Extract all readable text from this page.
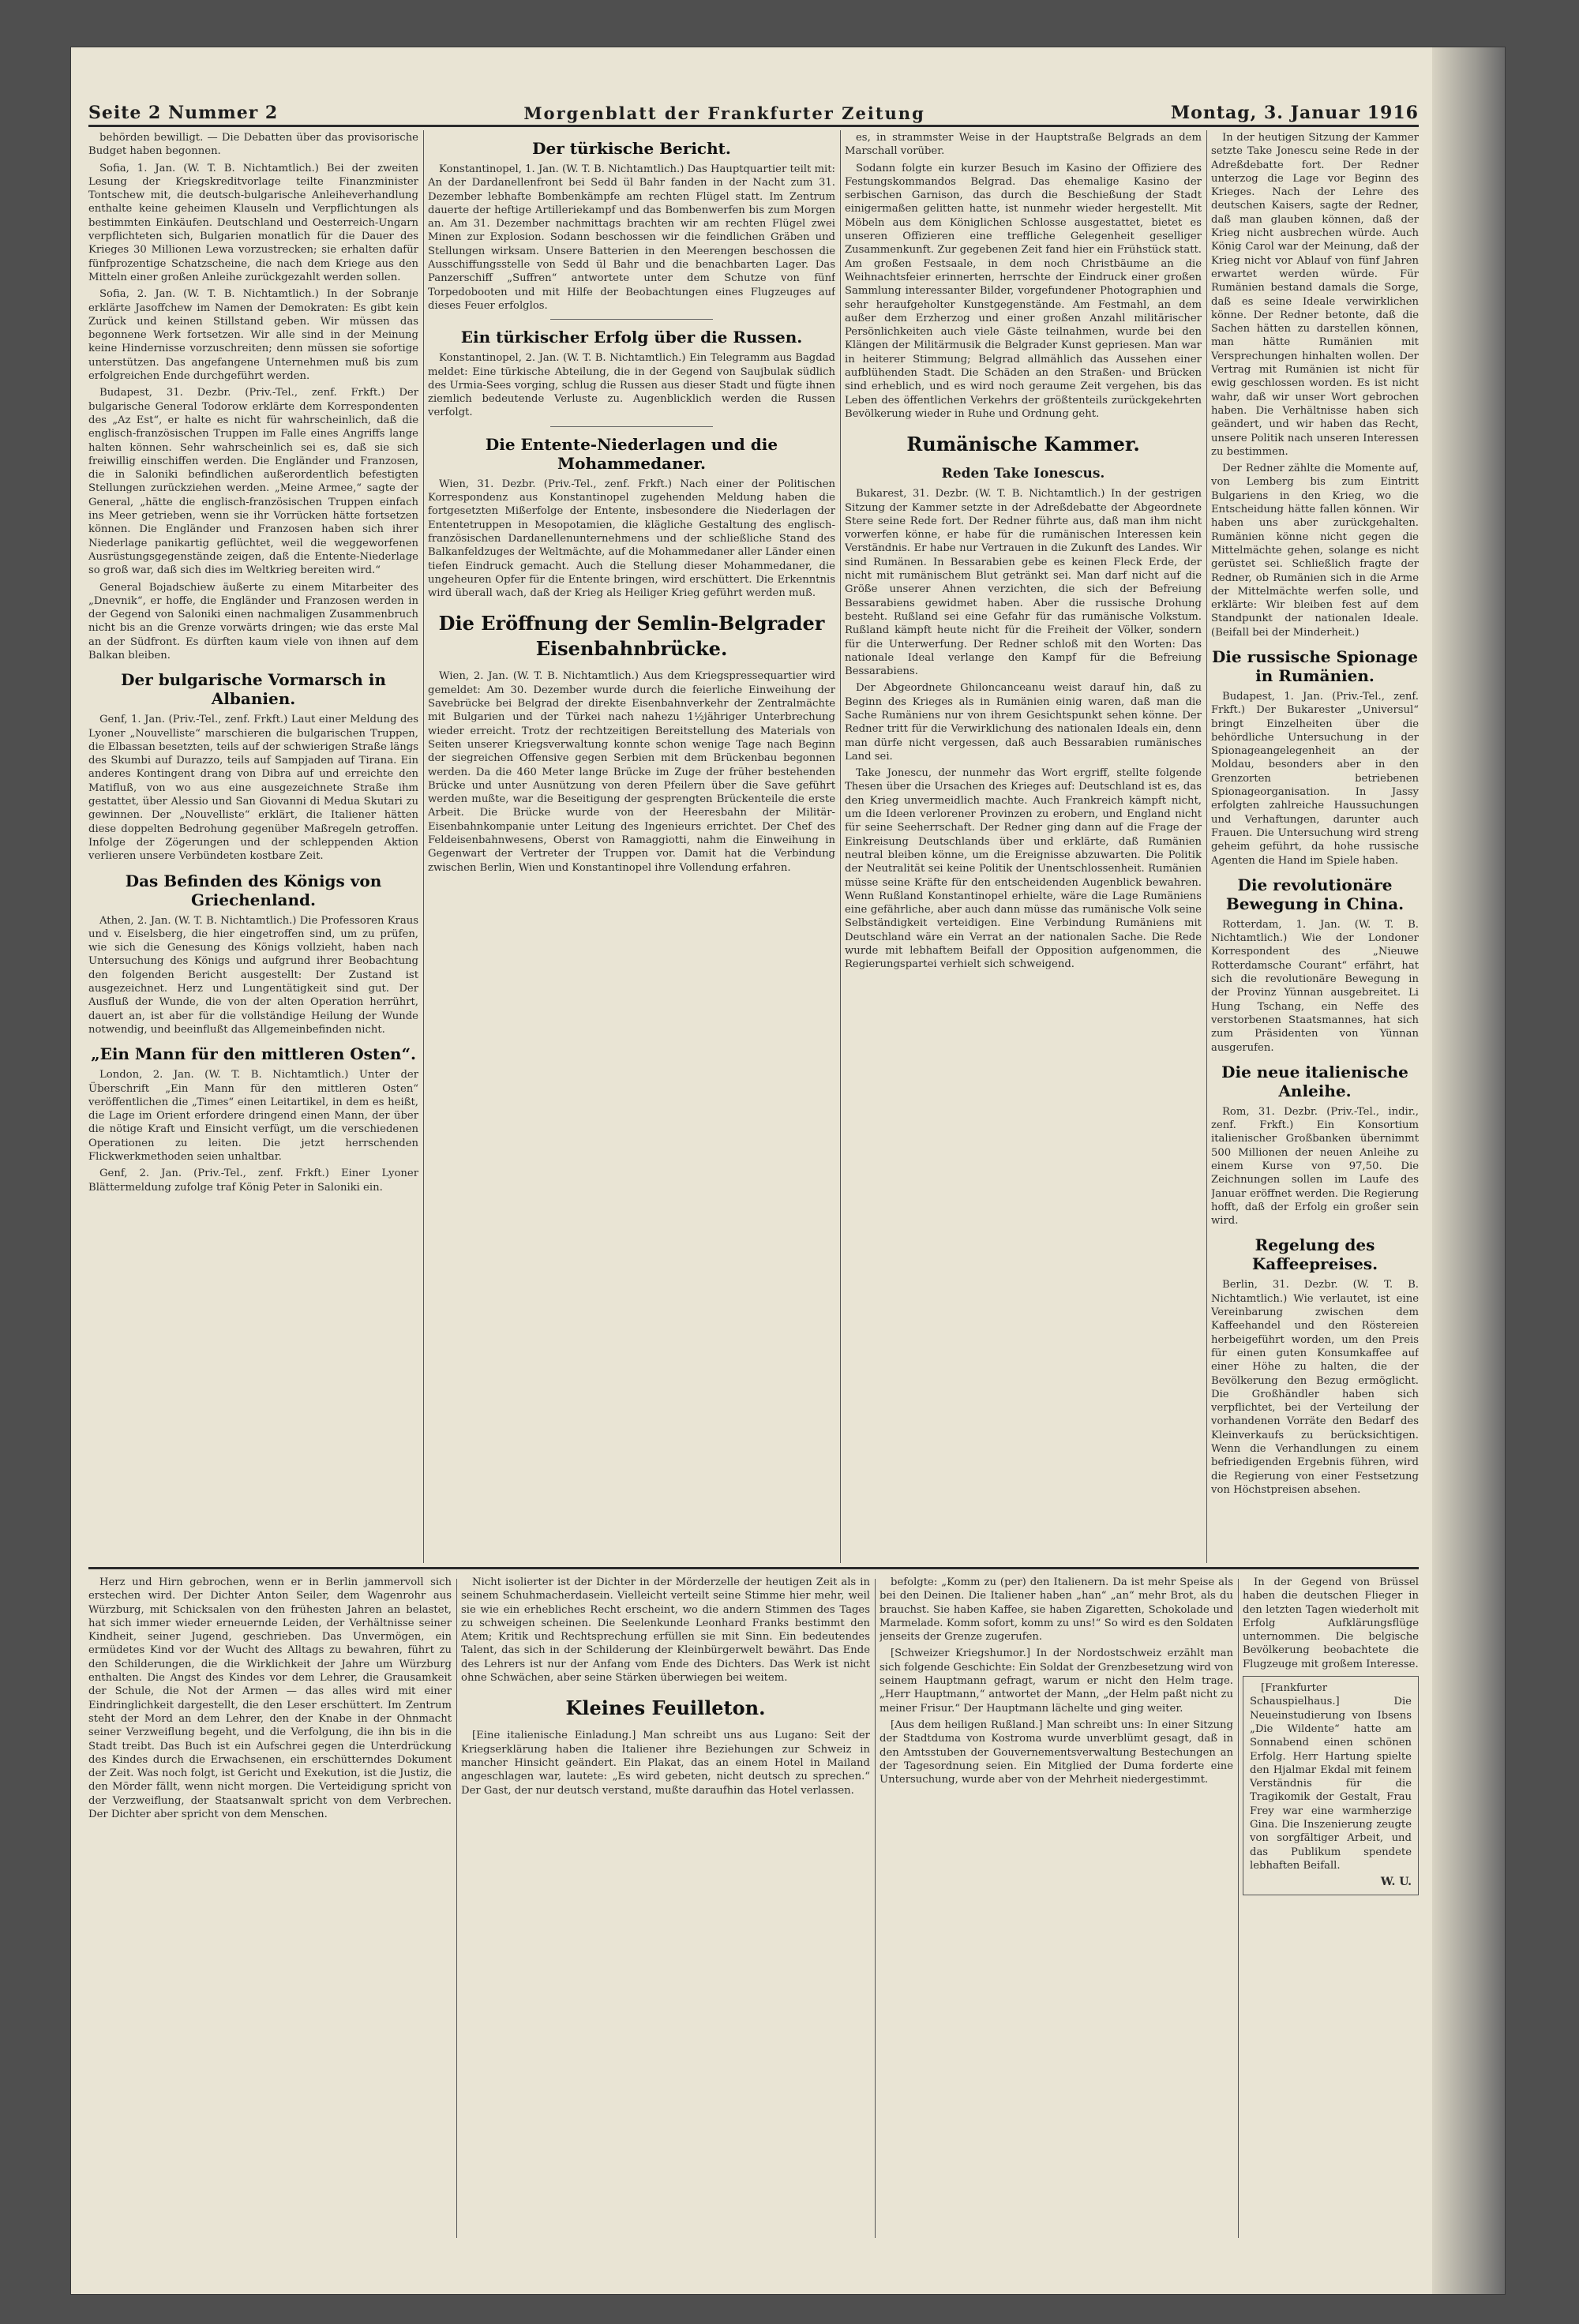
Seite 2 Nummer 2	Morgenblatt der Frankfurter Zeitung	Montag, 3. Januar 1916

behörden bewilligt. — Die Debatten über das provisorische Budget haben begonnen.

Sofia, 1. Jan. (W. T. B. Nichtamtlich.) Bei der zweiten Lesung der Kriegskreditvorlage teilte Finanzminister Tontschew mit, die deutsch-bulgarische Anleiheverhandlung enthalte keine geheimen Klauseln und Verpflichtungen als bestimmten Einkäufen. Deutschland und Oesterreich-Ungarn verpflichteten sich, Bulgarien monatlich für die Dauer des Krieges 30 Millionen Lewa vorzustrecken; sie erhalten dafür fünfprozentige Schatzscheine, die nach dem Kriege aus den Mitteln einer großen Anleihe zurückgezahlt werden sollen.

Sofia, 2. Jan. (W. T. B. Nichtamtlich.) In der Sobranje erklärte Jasoffchew im Namen der Demokraten: Es gibt kein Zurück und keinen Stillstand geben. Wir müssen das begonnene Werk fortsetzen. Wir alle sind in der Meinung keine Hindernisse vorzuschreiten; denn müssen sie sofortige unterstützen. Das angefangene Unternehmen muß bis zum erfolgreichen Ende durchgeführt werden.

Budapest, 31. Dezbr. (Priv.-Tel., zenf. Frkft.) Der bulgarische General Todorow erklärte dem Korrespondenten des „Az Est“, er halte es nicht für wahrscheinlich, daß die englisch-französischen Truppen im Falle eines Angriffs lange halten können. Sehr wahrscheinlich sei es, daß sie sich freiwillig einschiffen werden. Die Engländer und Franzosen, die in Saloniki befindlichen außerordentlich befestigten Stellungen zurückziehen werden. „Meine Armee,“ sagte der General, „hätte die englisch-französischen Truppen einfach ins Meer getrieben, wenn sie ihr Vorrücken hätte fortsetzen können. Die Engländer und Franzosen haben sich ihrer Niederlage panikartig geflüchtet, weil die weggeworfenen Ausrüstungsgegenstände zeigen, daß die Entente-Niederlage so groß war, daß sich dies im Weltkrieg bereiten wird.“

General Bojadschiew äußerte zu einem Mitarbeiter des „Dnevnik“, er hoffe, die Engländer und Franzosen werden in der Gegend von Saloniki einen nachmaligen Zusammenbruch nicht bis an die Grenze vorwärts dringen; wie das erste Mal an der Südfront. Es dürften kaum viele von ihnen auf dem Balkan bleiben.

Der bulgarische Vormarsch in Albanien.

Genf, 1. Jan. (Priv.-Tel., zenf. Frkft.) Laut einer Meldung des Lyoner „Nouvelliste“ marschieren die bulgarischen Truppen, die Elbassan besetzten, teils auf der schwierigen Straße längs des Skumbi auf Durazzo, teils auf Sampjaden auf Tirana. Ein anderes Kontingent drang von Dibra auf und erreichte den Matifluß, von wo aus eine ausgezeichnete Straße ihm gestattet, über Alessio und San Giovanni di Medua Skutari zu gewinnen. Der „Nouvelliste“ erklärt, die Italiener hätten diese doppelten Bedrohung gegenüber Maßregeln getroffen. Infolge der Zögerungen und der schleppenden Aktion verlieren unsere Verbündeten kostbare Zeit.

Das Befinden des Königs von Griechenland.

Athen, 2. Jan. (W. T. B. Nichtamtlich.) Die Professoren Kraus und v. Eiselsberg, die hier eingetroffen sind, um zu prüfen, wie sich die Genesung des Königs vollzieht, haben nach Untersuchung des Königs und aufgrund ihrer Beobachtung den folgenden Bericht ausgestellt: Der Zustand ist ausgezeichnet. Herz und Lungentätigkeit sind gut. Der Ausfluß der Wunde, die von der alten Operation herrührt, dauert an, ist aber für die vollständige Heilung der Wunde notwendig, und beeinflußt das Allgemeinbefinden nicht.

„Ein Mann für den mittleren Osten“.

London, 2. Jan. (W. T. B. Nichtamtlich.) Unter der Überschrift „Ein Mann für den mittleren Osten“ veröffentlichen die „Times“ einen Leitartikel, in dem es heißt, die Lage im Orient erfordere dringend einen Mann, der über die nötige Kraft und Einsicht verfügt, um die verschiedenen Operationen zu leiten. Die jetzt herrschenden Flickwerkmethoden seien unhaltbar.

Genf, 2. Jan. (Priv.-Tel., zenf. Frkft.) Einer Lyoner Blättermeldung zufolge traf König Peter in Saloniki ein.

Der türkische Bericht.

Konstantinopel, 1. Jan. (W. T. B. Nichtamtlich.) Das Hauptquartier teilt mit: An der Dardanellenfront bei Sedd ül Bahr fanden in der Nacht zum 31. Dezember lebhafte Bombenkämpfe am rechten Flügel statt. Im Zentrum dauerte der heftige Artilleriekampf und das Bombenwerfen bis zum Morgen an. Am 31. Dezember nachmittags brachten wir am rechten Flügel zwei Minen zur Explosion. Sodann beschossen wir die feindlichen Gräben und Stellungen wirksam. Unsere Batterien in den Meerengen beschossen die Ausschiffungsstelle von Sedd ül Bahr und die benachbarten Lager. Das Panzerschiff „Suffren“ antwortete unter dem Schutze von fünf Torpedobooten und mit Hilfe der Beobachtungen eines Flugzeuges auf dieses Feuer erfolglos.

Ein türkischer Erfolg über die Russen.

Konstantinopel, 2. Jan. (W. T. B. Nichtamtlich.) Ein Telegramm aus Bagdad meldet: Eine türkische Abteilung, die in der Gegend von Saujbulak südlich des Urmia-Sees vorging, schlug die Russen aus dieser Stadt und fügte ihnen ziemlich bedeutende Verluste zu. Augenblicklich werden die Russen verfolgt.

Die Entente-Niederlagen und die Mohammedaner.

Wien, 31. Dezbr. (Priv.-Tel., zenf. Frkft.) Nach einer der Politischen Korrespondenz aus Konstantinopel zugehenden Meldung haben die fortgesetzten Mißerfolge der Entente, insbesondere die Niederlagen der Ententetruppen in Mesopotamien, die klägliche Gestaltung des englisch-französischen Dardanellenunternehmens und der schließliche Stand des Balkanfeldzuges der Weltmächte, auf die Mohammedaner aller Länder einen tiefen Eindruck gemacht. Auch die Stellung dieser Mohammedaner, die ungeheuren Opfer für die Entente bringen, wird erschüttert. Die Erkenntnis wird überall wach, daß der Krieg als Heiliger Krieg geführt werden muß.

Die Eröffnung der Semlin-Belgrader Eisenbahnbrücke.

Wien, 2. Jan. (W. T. B. Nichtamtlich.) Aus dem Kriegspressequartier wird gemeldet: Am 30. Dezember wurde durch die feierliche Einweihung der Savebrücke bei Belgrad der direkte Eisenbahnverkehr der Zentralmächte mit Bulgarien und der Türkei nach nahezu 1½jähriger Unterbrechung wieder erreicht. Trotz der rechtzeitigen Bereitstellung des Materials von Seiten unserer Kriegsverwaltung konnte schon wenige Tage nach Beginn der siegreichen Offensive gegen Serbien mit dem Brückenbau begonnen werden. Da die 460 Meter lange Brücke im Zuge der früher bestehenden Brücke und unter Ausnützung von deren Pfeilern über die Save geführt werden mußte, war die Beseitigung der gesprengten Brückenteile die erste Arbeit. Die Brücke wurde von der Heeresbahn der Militär-Eisenbahnkompanie unter Leitung des Ingenieurs errichtet. Der Chef des Feldeisenbahnwesens, Oberst von Ramaggiotti, nahm die Einweihung in Gegenwart der Vertreter der Truppen vor. Damit hat die Verbindung zwischen Berlin, Wien und Konstantinopel ihre Vollendung erfahren.

es, in strammster Weise in der Hauptstraße Belgrads an dem Marschall vorüber.

Sodann folgte ein kurzer Besuch im Kasino der Offiziere des Festungskommandos Belgrad. Das ehemalige Kasino der serbischen Garnison, das durch die Beschießung der Stadt einigermaßen gelitten hatte, ist nunmehr wieder hergestellt. Mit Möbeln aus dem Königlichen Schlosse ausgestattet, bietet es unseren Offizieren eine treffliche Gelegenheit geselliger Zusammenkunft. Zur gegebenen Zeit fand hier ein Frühstück statt. Am großen Festsaale, in dem noch Christbäume an die Weihnachtsfeier erinnerten, herrschte der Eindruck einer großen Sammlung interessanter Bilder, vorgefundener Photographien und sehr heraufgeholter Kunstgegenstände. Am Festmahl, an dem außer dem Erzherzog und einer großen Anzahl militärischer Persönlichkeiten auch viele Gäste teilnahmen, wurde bei den Klängen der Militärmusik die Belgrader Kunst gepriesen. Man war in heiterer Stimmung; Belgrad allmählich das Aussehen einer aufblühenden Stadt. Die Schäden an den Straßen- und Brücken sind erheblich, und es wird noch geraume Zeit vergehen, bis das Leben des öffentlichen Verkehrs der größtenteils zurückgekehrten Bevölkerung wieder in Ruhe und Ordnung geht.

Rumänische Kammer.
Reden Take Ionescus.

Bukarest, 31. Dezbr. (W. T. B. Nichtamtlich.) In der gestrigen Sitzung der Kammer setzte in der Adreßdebatte der Abgeordnete Stere seine Rede fort. Der Redner führte aus, daß man ihm nicht vorwerfen könne, er habe für die rumänischen Interessen kein Verständnis. Er habe nur Vertrauen in die Zukunft des Landes. Wir sind Rumänen. In Bessarabien gebe es keinen Fleck Erde, der nicht mit rumänischem Blut getränkt sei. Man darf nicht auf die Größe unserer Ahnen verzichten, die sich der Befreiung Bessarabiens gewidmet haben. Aber die russische Drohung besteht. Rußland sei eine Gefahr für das rumänische Volkstum. Rußland kämpft heute nicht für die Freiheit der Völker, sondern für die Unterwerfung. Der Redner schloß mit den Worten: Das nationale Ideal verlange den Kampf für die Befreiung Bessarabiens.

Der Abgeordnete Ghiloncanceanu weist darauf hin, daß zu Beginn des Krieges als in Rumänien einig waren, daß man die Sache Rumäniens nur von ihrem Gesichtspunkt sehen könne. Der Redner tritt für die Verwirklichung des nationalen Ideals ein, denn man dürfe nicht vergessen, daß auch Bessarabien rumänisches Land sei.

Take Jonescu, der nunmehr das Wort ergriff, stellte folgende Thesen über die Ursachen des Krieges auf: Deutschland ist es, das den Krieg unvermeidlich machte. Auch Frankreich kämpft nicht, um die Ideen verlorener Provinzen zu erobern, und England nicht für seine Seeherrschaft. Der Redner ging dann auf die Frage der Einkreisung Deutschlands über und erklärte, daß Rumänien neutral bleiben könne, um die Ereignisse abzuwarten. Die Politik der Neutralität sei keine Politik der Unentschlossenheit. Rumänien müsse seine Kräfte für den entscheidenden Augenblick bewahren. Wenn Rußland Konstantinopel erhielte, wäre die Lage Rumäniens eine gefährliche, aber auch dann müsse das rumänische Volk seine Selbständigkeit verteidigen. Eine Verbindung Rumäniens mit Deutschland wäre ein Verrat an der nationalen Sache. Die Rede wurde mit lebhaftem Beifall der Opposition aufgenommen, die Regierungspartei verhielt sich schweigend.

In der heutigen Sitzung der Kammer setzte Take Jonescu seine Rede in der Adreßdebatte fort. Der Redner unterzog die Lage vor Beginn des Krieges. Nach der Lehre des deutschen Kaisers, sagte der Redner, daß man glauben können, daß der Krieg nicht ausbrechen würde. Auch König Carol war der Meinung, daß der Krieg nicht vor Ablauf von fünf Jahren erwartet werden würde. Für Rumänien bestand damals die Sorge, daß es seine Ideale verwirklichen könne. Der Redner betonte, daß die Sachen hätten zu darstellen können, man hätte Rumänien mit Versprechungen hinhalten wollen. Der Vertrag mit Rumänien ist nicht für ewig geschlossen worden. Es ist nicht wahr, daß wir unser Wort gebrochen haben. Die Verhältnisse haben sich geändert, und wir haben das Recht, unsere Politik nach unseren Interessen zu bestimmen.

Der Redner zählte die Momente auf, von Lemberg bis zum Eintritt Bulgariens in den Krieg, wo die Entscheidung hätte fallen können. Wir haben uns aber zurückgehalten. Rumänien könne nicht gegen die Mittelmächte gehen, solange es nicht gerüstet sei. Schließlich fragte der Redner, ob Rumänien sich in die Arme der Mittelmächte werfen solle, und erklärte: Wir bleiben fest auf dem Standpunkt der nationalen Ideale. (Beifall bei der Minderheit.)

Die russische Spionage in Rumänien.

Budapest, 1. Jan. (Priv.-Tel., zenf. Frkft.) Der Bukarester „Universul“ bringt Einzelheiten über die behördliche Untersuchung in der Spionageangelegenheit an der Moldau, besonders aber in den Grenzorten betriebenen Spionageorganisation. In Jassy erfolgten zahlreiche Haussuchungen und Verhaftungen, darunter auch Frauen. Die Untersuchung wird streng geheim geführt, da hohe russische Agenten die Hand im Spiele haben.

Die revolutionäre Bewegung in China.

Rotterdam, 1. Jan. (W. T. B. Nichtamtlich.) Wie der Londoner Korrespondent des „Nieuwe Rotterdamsche Courant“ erfährt, hat sich die revolutionäre Bewegung in der Provinz Yünnan ausgebreitet. Li Hung Tschang, ein Neffe des verstorbenen Staatsmannes, hat sich zum Präsidenten von Yünnan ausgerufen.

Die neue italienische Anleihe.

Rom, 31. Dezbr. (Priv.-Tel., indir., zenf. Frkft.) Ein Konsortium italienischer Großbanken übernimmt 500 Millionen der neuen Anleihe zu einem Kurse von 97,50. Die Zeichnungen sollen im Laufe des Januar eröffnet werden. Die Regierung hofft, daß der Erfolg ein großer sein wird.

Regelung des Kaffeepreises.

Berlin, 31. Dezbr. (W. T. B. Nichtamtlich.) Wie verlautet, ist eine Vereinbarung zwischen dem Kaffeehandel und den Röstereien herbeigeführt worden, um den Preis für einen guten Konsumkaffee auf einer Höhe zu halten, die der Bevölkerung den Bezug ermöglicht. Die Großhändler haben sich verpflichtet, bei der Verteilung der vorhandenen Vorräte den Bedarf des Kleinverkaufs zu berücksichtigen. Wenn die Verhandlungen zu einem befriedigenden Ergebnis führen, wird die Regierung von einer Festsetzung von Höchstpreisen absehen.

Herz und Hirn gebrochen, wenn er in Berlin jammervoll sich erstechen wird. Der Dichter Anton Seiler, dem Wagenrohr aus Würzburg, mit Schicksalen von den frühesten Jahren an belastet, hat sich immer wieder erneuernde Leiden, der Verhältnisse seiner Kindheit, seiner Jugend, geschrieben. Das Unvermögen, ein ermüdetes Kind vor der Wucht des Alltags zu bewahren, führt zu den Schilderungen, die die Wirklichkeit der Jahre um Würzburg enthalten. Die Angst des Kindes vor dem Lehrer, die Grausamkeit der Schule, die Not der Armen — das alles wird mit einer Eindringlichkeit dargestellt, die den Leser erschüttert. Im Zentrum steht der Mord an dem Lehrer, den der Knabe in der Ohnmacht seiner Verzweiflung begeht, und die Verfolgung, die ihn bis in die Stadt treibt. Das Buch ist ein Aufschrei gegen die Unterdrückung des Kindes durch die Erwachsenen, ein erschütterndes Dokument der Zeit. Was noch folgt, ist Gericht und Exekution, ist die Justiz, die den Mörder fällt, wenn nicht morgen. Die Verteidigung spricht von der Verzweiflung, der Staatsanwalt spricht von dem Verbrechen. Der Dichter aber spricht von dem Menschen.

Nicht isolierter ist der Dichter in der Mörderzelle der heutigen Zeit als in seinem Schuhmacherdasein. Vielleicht verteilt seine Stimme hier mehr, weil sie wie ein erhebliches Recht erscheint, wo die andern Stimmen des Tages zu schweigen scheinen. Die Seelenkunde Leonhard Franks bestimmt den Atem; Kritik und Rechtsprechung erfüllen sie mit Sinn. Ein bedeutendes Talent, das sich in der Schilderung der Kleinbürgerwelt bewährt. Das Ende des Lehrers ist nur der Anfang vom Ende des Dichters. Das Werk ist nicht ohne Schwächen, aber seine Stärken überwiegen bei weitem.

Kleines Feuilleton.

[Eine italienische Einladung.] Man schreibt uns aus Lugano: Seit der Kriegserklärung haben die Italiener ihre Beziehungen zur Schweiz in mancher Hinsicht geändert. Ein Plakat, das an einem Hotel in Mailand angeschlagen war, lautete: „Es wird gebeten, nicht deutsch zu sprechen.“ Der Gast, der nur deutsch verstand, mußte daraufhin das Hotel verlassen.

befolgte: „Komm zu (per) den Italienern. Da ist mehr Speise als bei den Deinen. Die Italiener haben „han“ „an“ mehr Brot, als du brauchst. Sie haben Kaffee, sie haben Zigaretten, Schokolade und Marmelade. Komm sofort, komm zu uns!“ So wird es den Soldaten jenseits der Grenze zugerufen.

[Schweizer Kriegshumor.] In der Nordostschweiz erzählt man sich folgende Geschichte: Ein Soldat der Grenzbesetzung wird von seinem Hauptmann gefragt, warum er nicht den Helm trage. „Herr Hauptmann,“ antwortet der Mann, „der Helm paßt nicht zu meiner Frisur.“ Der Hauptmann lächelte und ging weiter.

[Aus dem heiligen Rußland.] Man schreibt uns: In einer Sitzung der Stadtduma von Kostroma wurde unverblümt gesagt, daß in den Amtsstuben der Gouvernementsverwaltung Bestechungen an der Tagesordnung seien. Ein Mitglied der Duma forderte eine Untersuchung, wurde aber von der Mehrheit niedergestimmt.

In der Gegend von Brüssel haben die deutschen Flieger in den letzten Tagen wiederholt mit Erfolg Aufklärungsflüge unternommen. Die belgische Bevölkerung beobachtete die Flugzeuge mit großem Interesse.

[Frankfurter Schauspielhaus.] Die Neueinstudierung von Ibsens „Die Wildente“ hatte am Sonnabend einen schönen Erfolg. Herr Hartung spielte den Hjalmar Ekdal mit feinem Verständnis für die Tragikomik der Gestalt, Frau Frey war eine warmherzige Gina. Die Inszenierung zeugte von sorgfältiger Arbeit, und das Publikum spendete lebhaften Beifall.

W. U.
